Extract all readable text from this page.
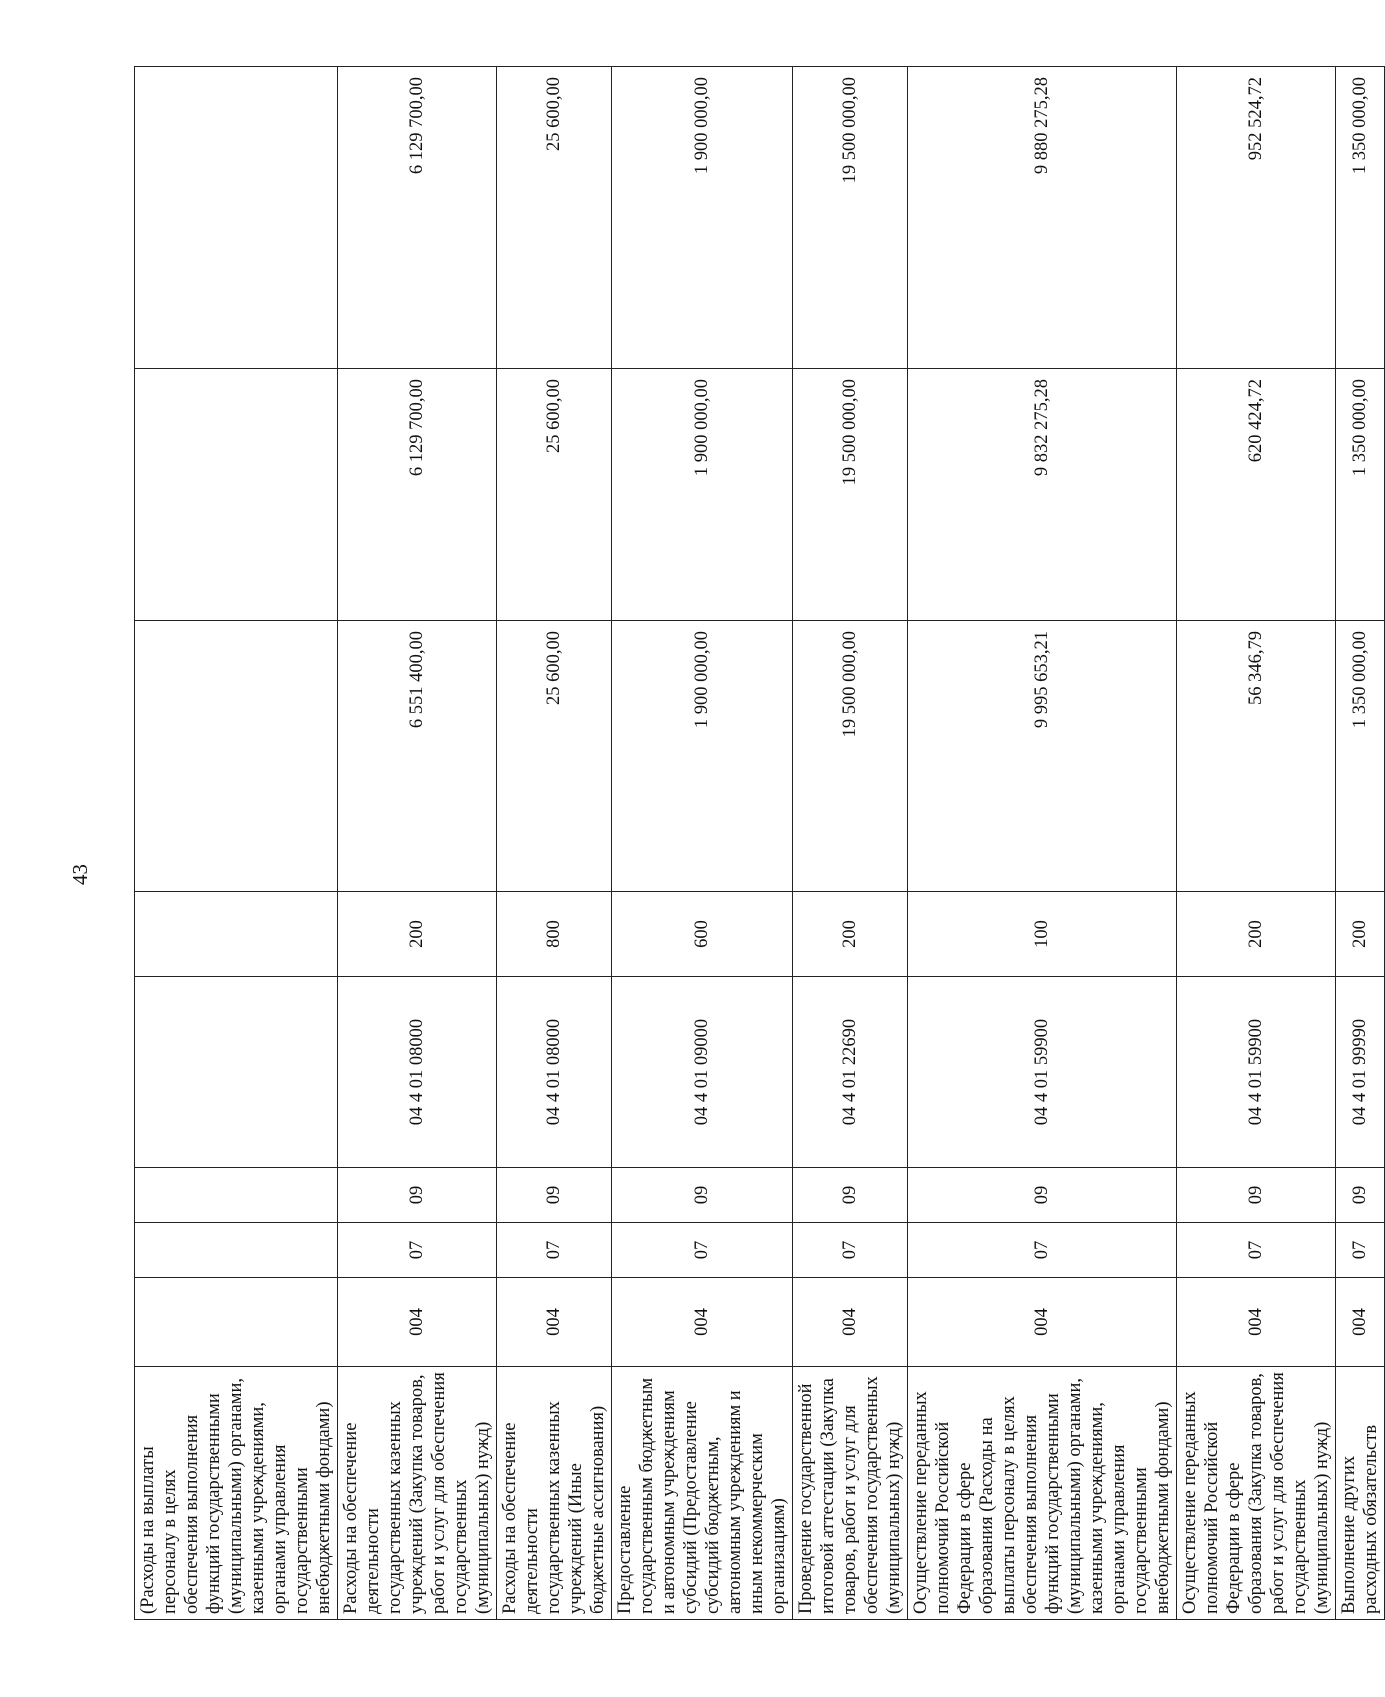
43
(Расходы на выплаты персоналу в целях обеспечения выполнения функций государственными (муниципальными) органами, казенными учреждениями, органами управления государственными внебюджетными фондами)								
Расходы на обеспечение деятельности государственных казенных учреждений (Закупка товаров, работ и услуг для обеспечения государственных (муниципальных) нужд)	004	07	09	04 4 01 08000	200	6 551 400,00	6 129 700,00	6 129 700,00
Расходы на обеспечение деятельности государственных казенных учреждений (Иные бюджетные ассигнования)	004	07	09	04 4 01 08000	800	25 600,00	25 600,00	25 600,00
Предоставление государственным бюджетным и автономным учреждениям субсидий (Предоставление субсидий бюджетным, автономным учреждениям и иным некоммерческим организациям)	004	07	09	04 4 01 09000	600	1 900 000,00	1 900 000,00	1 900 000,00
Проведение государственной итоговой аттестации (Закупка товаров, работ и услуг для обеспечения государственных (муниципальных) нужд)	004	07	09	04 4 01 22690	200	19 500 000,00	19 500 000,00	19 500 000,00
Осуществление переданных полномочий Российской Федерации в сфере образования (Расходы на выплаты персоналу в целях обеспечения выполнения функций государственными (муниципальными) органами, казенными учреждениями, органами управления государственными внебюджетными фондами)	004	07	09	04 4 01 59900	100	9 995 653,21	9 832 275,28	9 880 275,28
Осуществление переданных полномочий Российской Федерации в сфере образования (Закупка товаров, работ и услуг для обеспечения государственных (муниципальных) нужд)	004	07	09	04 4 01 59900	200	56 346,79	620 424,72	952 524,72
Выполнение других расходных обязательств	004	07	09	04 4 01 99990	200	1 350 000,00	1 350 000,00	1 350 000,00
